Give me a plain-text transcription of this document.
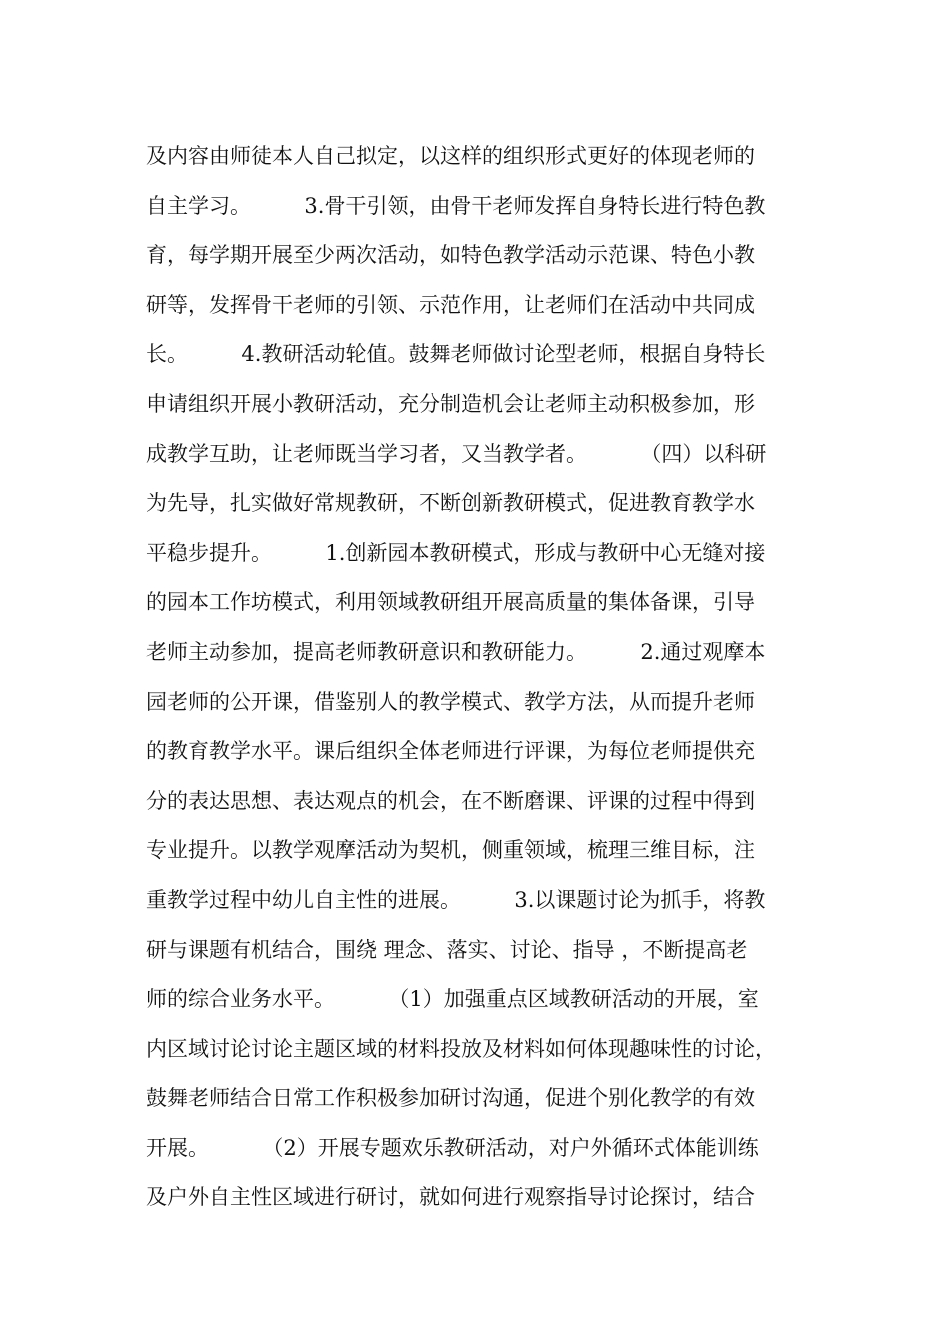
及内容由师徒本人自己拟定，以这样的组织形式更好的体现老师的
自主学习。        3.骨干引领，由骨干老师发挥自身特长进行特色教
育，每学期开展至少两次活动，如特色教学活动示范课、特色小教
研等，发挥骨干老师的引领、示范作用，让老师们在活动中共同成
长。        4.教研活动轮值。鼓舞老师做讨论型老师，根据自身特长
申请组织开展小教研活动，充分制造机会让老师主动积极参加，形
成教学互助，让老师既当学习者，又当教学者。        （四）以科研
为先导，扎实做好常规教研，不断创新教研模式，促进教育教学水
平稳步提升。        1.创新园本教研模式，形成与教研中心无缝对接
的园本工作坊模式，利用领域教研组开展高质量的集体备课，引导
老师主动参加，提高老师教研意识和教研能力。        2.通过观摩本
园老师的公开课，借鉴别人的教学模式、教学方法，从而提升老师
的教育教学水平。课后组织全体老师进行评课，为每位老师提供充
分的表达思想、表达观点的机会，在不断磨课、评课的过程中得到
专业提升。以教学观摩活动为契机，侧重领域，梳理三维目标，注
重教学过程中幼儿自主性的进展。        3.以课题讨论为抓手，将教
研与课题有机结合，围绕 理念、落实、讨论、指导 ，不断提高老
师的综合业务水平。        （1）加强重点区域教研活动的开展，室
内区域讨论讨论主题区域的材料投放及材料如何体现趣味性的讨论，
鼓舞老师结合日常工作积极参加研讨沟通，促进个别化教学的有效
开展。        （2）开展专题欢乐教研活动，对户外循环式体能训练
及户外自主性区域进行研讨，就如何进行观察指导讨论探讨，结合
